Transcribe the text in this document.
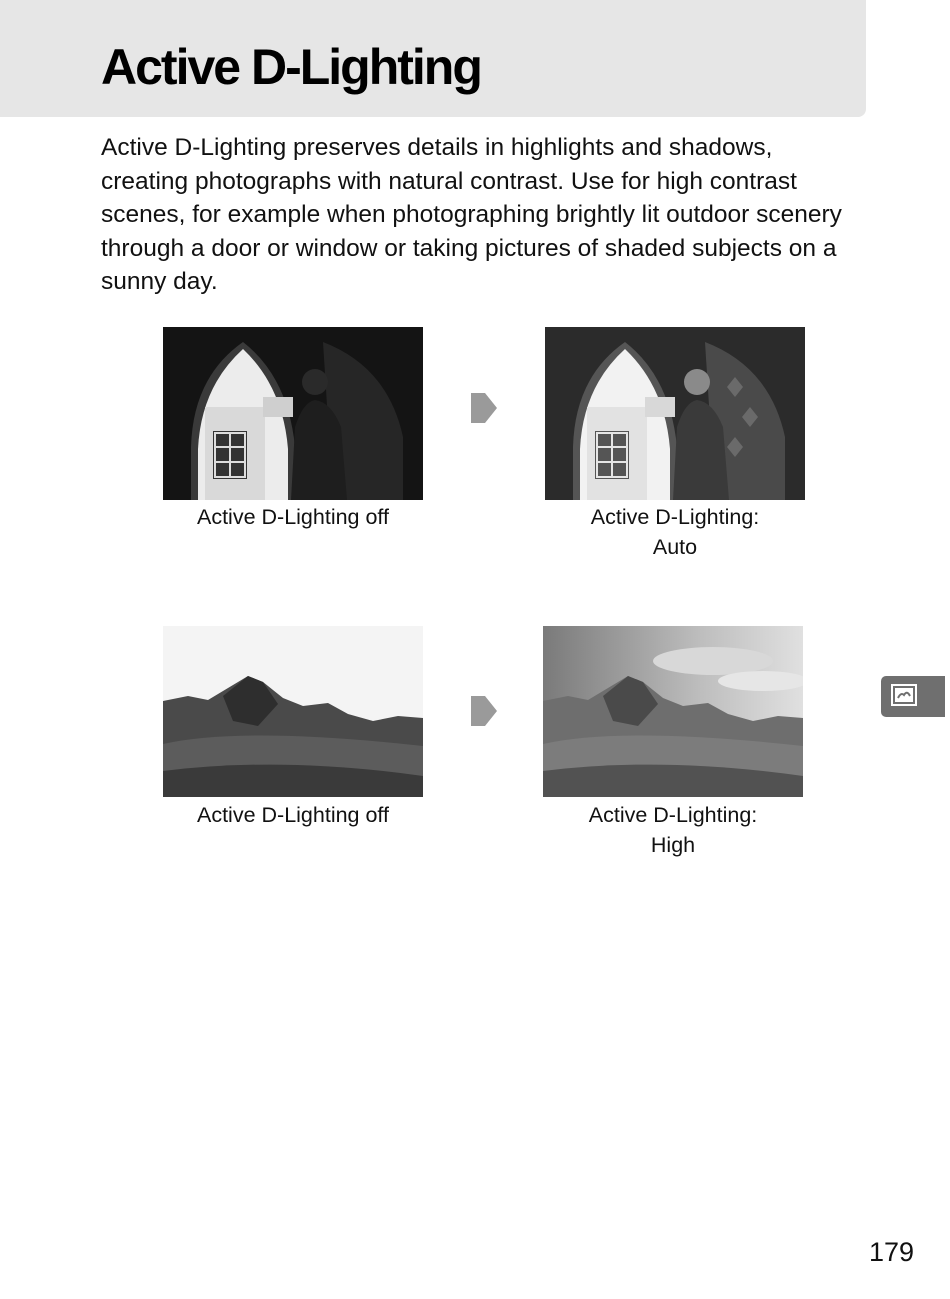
Active D-Lighting

Active D-Lighting preserves details in highlights and shadows, creating photographs with natural contrast. Use for high contrast scenes, for example when photographing brightly lit outdoor scenery through a door or window or taking pictures of shaded subjects on a sunny day.

Active D-Lighting off	Active D-Lighting:
Auto
Active D-Lighting off	Active D-Lighting:
High
179
